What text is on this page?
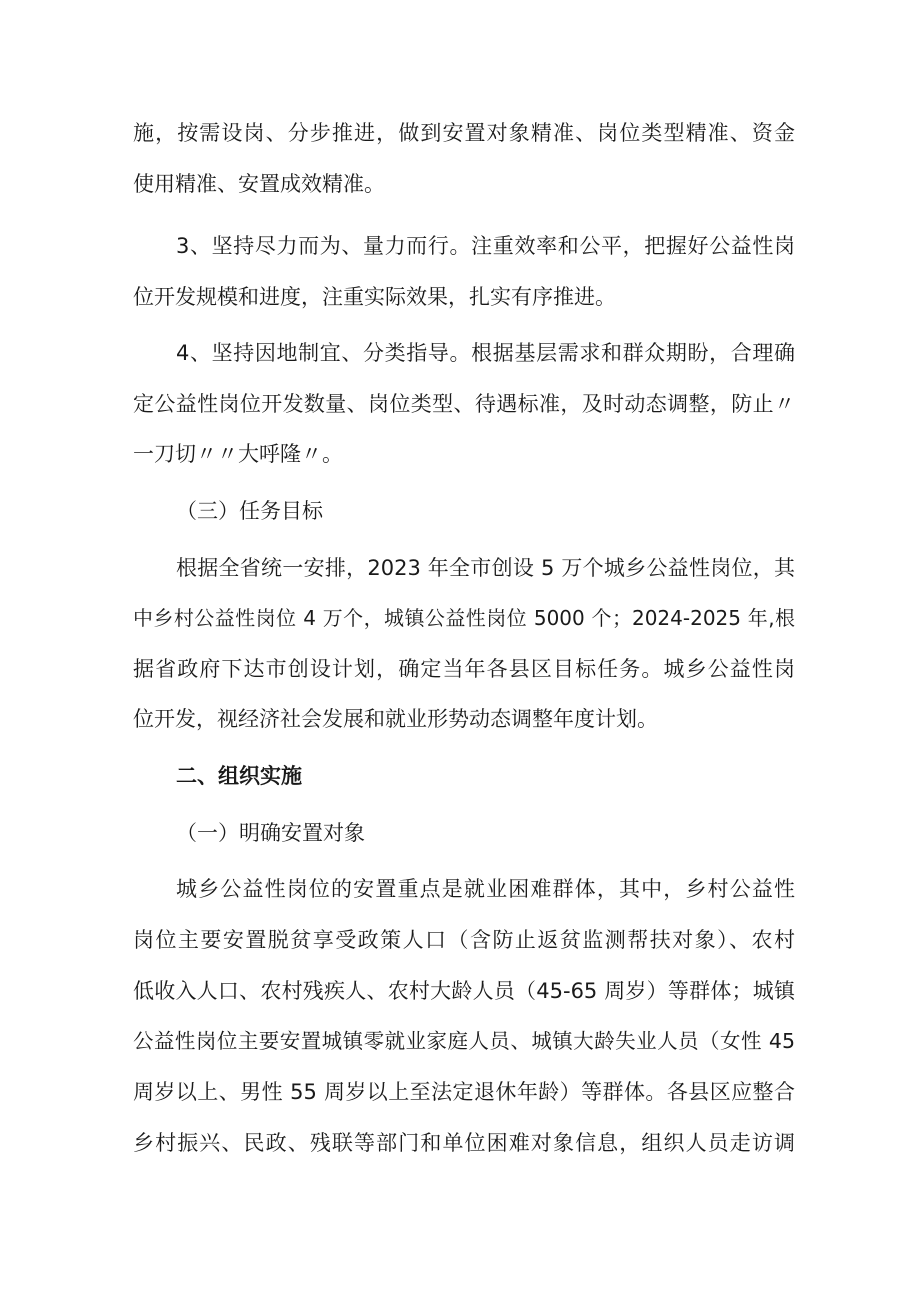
施，按需设岗、分步推进，做到安置对象精准、岗位类型精准、资金
使用精准、安置成效精准。
3、坚持尽力而为、量力而行。注重效率和公平，把握好公益性岗
位开发规模和进度，注重实际效果，扎实有序推进。
4、坚持因地制宜、分类指导。根据基层需求和群众期盼，合理确
定公益性岗位开发数量、岗位类型、待遇标准，及时动态调整，防止〃
一刀切〃〃大呼隆〃。
（三）任务目标
根据全省统一安排，2023 年全市创设 5 万个城乡公益性岗位，其
中乡村公益性岗位 4 万个，城镇公益性岗位 5000 个；2024-2025 年,根
据省政府下达市创设计划，确定当年各县区目标任务。城乡公益性岗
位开发，视经济社会发展和就业形势动态调整年度计划。
二、组织实施
（一）明确安置对象
城乡公益性岗位的安置重点是就业困难群体，其中，乡村公益性
岗位主要安置脱贫享受政策人口（含防止返贫监测帮扶对象）、农村
低收入人口、农村残疾人、农村大龄人员（45-65 周岁）等群体；城镇
公益性岗位主要安置城镇零就业家庭人员、城镇大龄失业人员（女性 45
周岁以上、男性 55 周岁以上至法定退休年龄）等群体。各县区应整合
乡村振兴、民政、残联等部门和单位困难对象信息，组织人员走访调
